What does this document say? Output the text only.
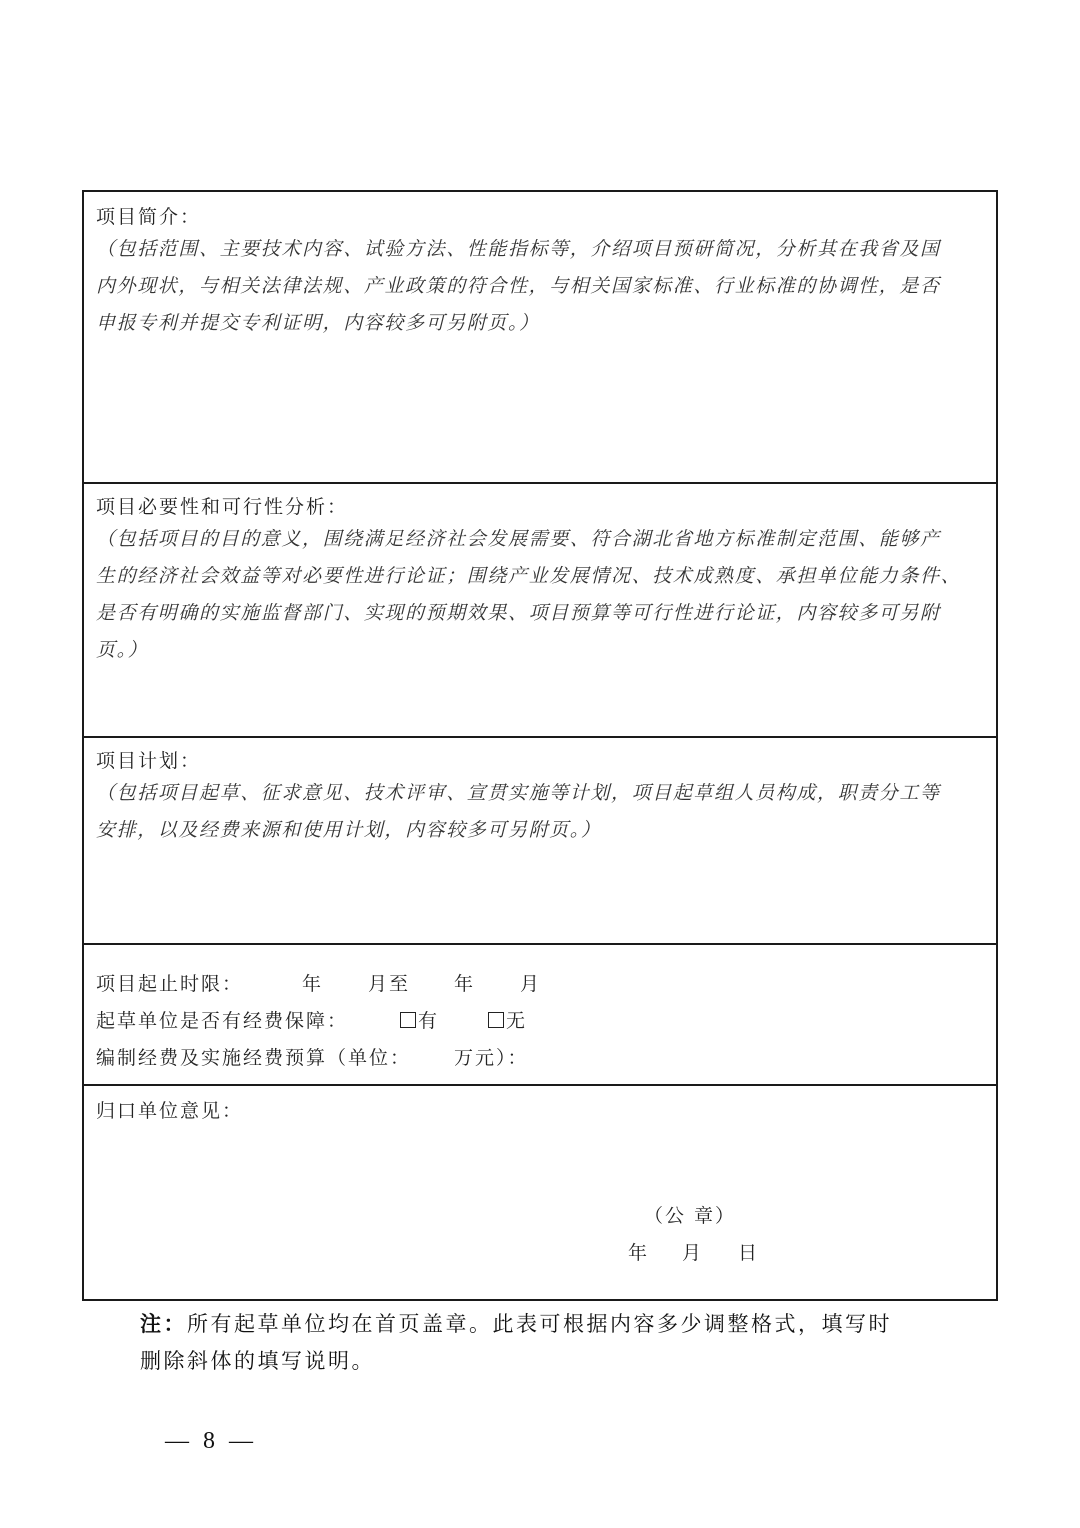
项目简介：
（包括范围、主要技术内容、试验方法、性能指标等，介绍项目预研简况，分析其在我省及国
内外现状，与相关法律法规、产业政策的符合性，与相关国家标准、行业标准的协调性，是否
申报专利并提交专利证明，内容较多可另附页。）
项目必要性和可行性分析：
（包括项目的目的意义，围绕满足经济社会发展需要、符合湖北省地方标准制定范围、能够产
生的经济社会效益等对必要性进行论证；围绕产业发展情况、技术成熟度、承担单位能力条件、
是否有明确的实施监督部门、实现的预期效果、项目预算等可行性进行论证，内容较多可另附
页。）
项目计划：
（包括项目起草、征求意见、技术评审、宣贯实施等计划，项目起草组人员构成，职责分工等
安排，以及经费来源和使用计划，内容较多可另附页。）
项目起止时限：	年 月至 年 月
起草单位是否有经费保障：	有	无
编制经费及实施经费预算（单位： 万元）：
归口单位意见：
（公 章）
年 月 日
注：所有起草单位均在首页盖章。此表可根据内容多少调整格式，填写时
删除斜体的填写说明。
— 8 —
